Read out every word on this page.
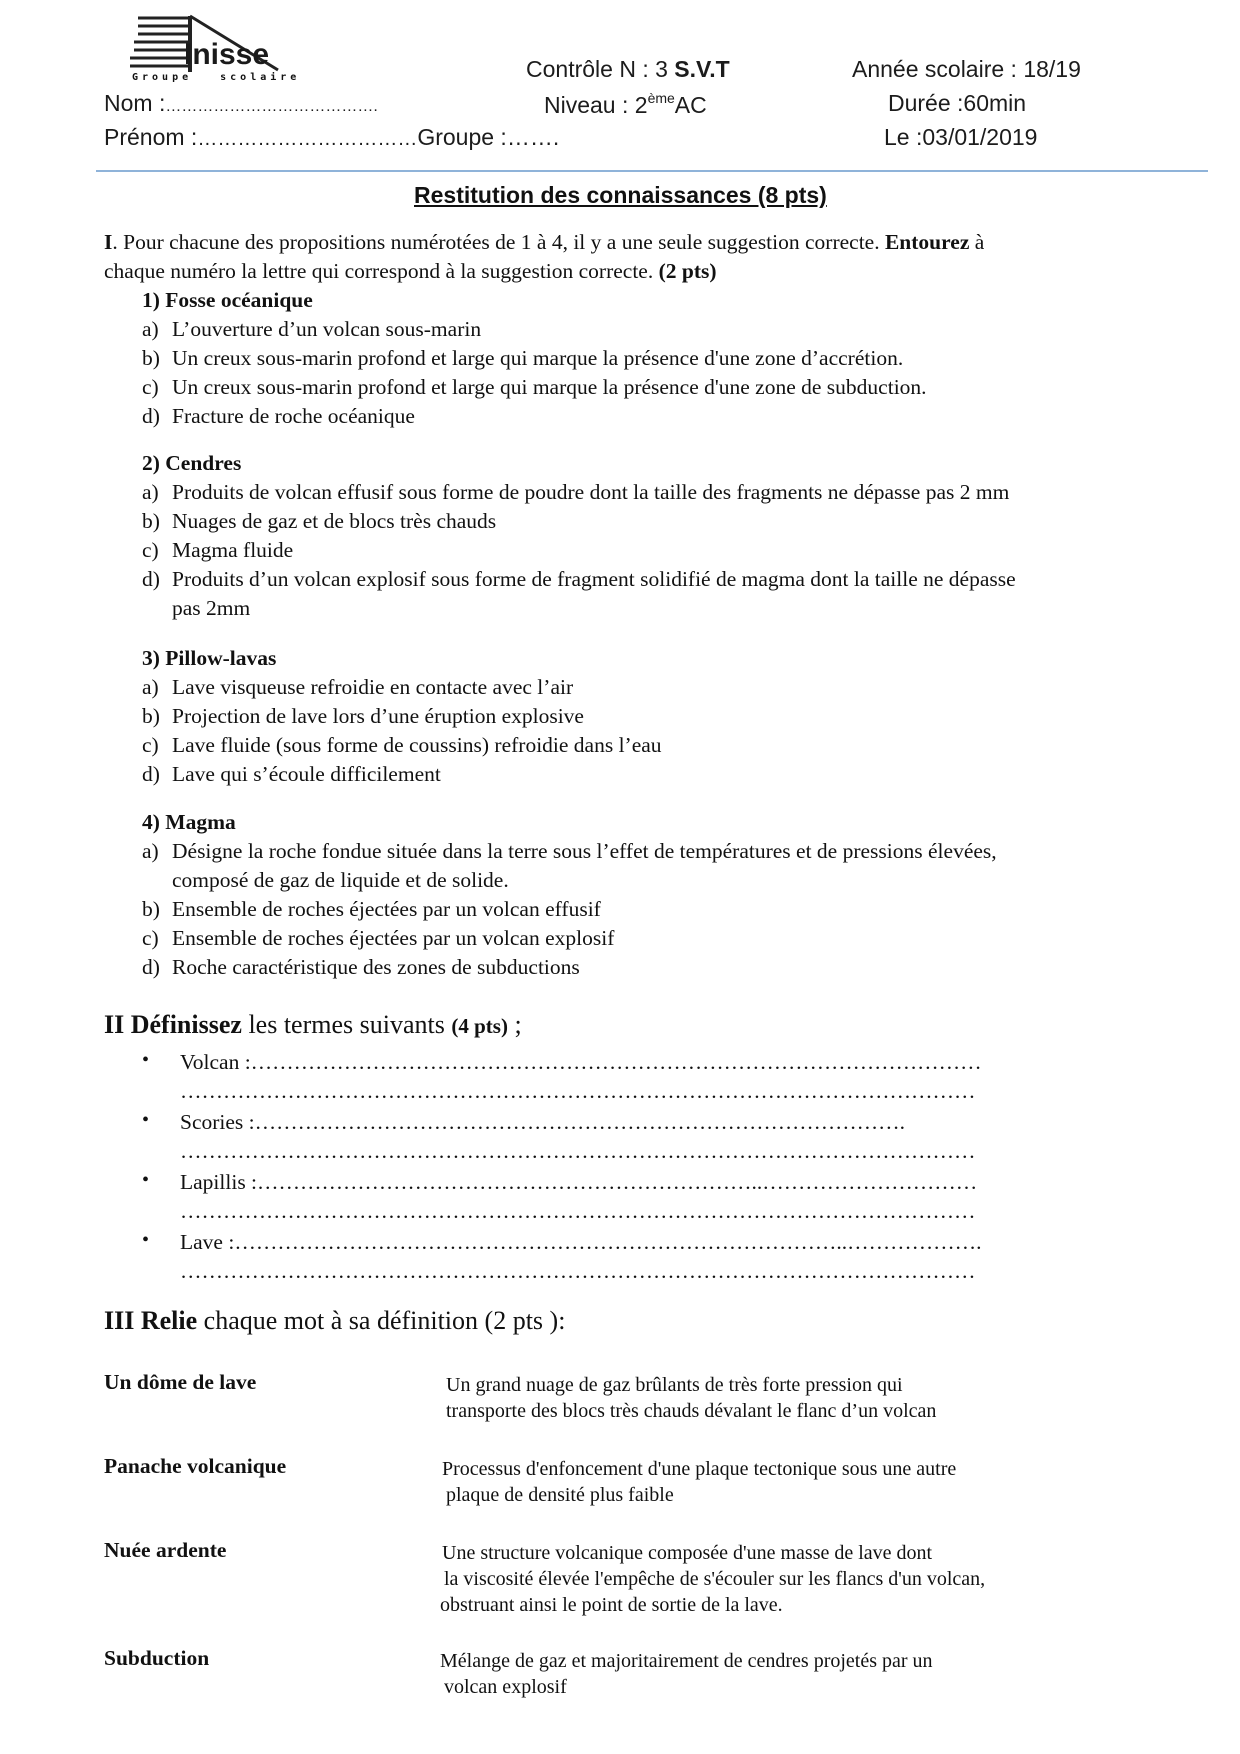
Inisse
Groupe scolaire	Contrôle N : 3 S.V.T	Année scolaire : 18/19
Nom :………………………………….	Niveau : 2èmeAC	Durée :60min
Prénom :……………………………Groupe :…….	Le :03/01/2019
Restitution des connaissances (8 pts)
I. Pour chacune des propositions numérotées de 1 à 4, il y a une seule suggestion correcte. Entourez à
chaque numéro la lettre qui correspond à la suggestion correcte. (2 pts)
1) Fosse océanique
a) L’ouverture d’un volcan sous-marin
b) Un creux sous-marin profond et large qui marque la présence d'une zone d’accrétion.
c) Un creux sous-marin profond et large qui marque la présence d'une zone de subduction.
d) Fracture de roche océanique
2) Cendres
a) Produits de volcan effusif sous forme de poudre dont la taille des fragments ne dépasse pas 2 mm
b) Nuages de gaz et de blocs très chauds
c) Magma fluide
d) Produits d’un volcan explosif sous forme de fragment solidifié de magma dont la taille ne dépasse
pas 2mm
3) Pillow-lavas
a) Lave visqueuse refroidie en contacte avec l’air
b) Projection de lave lors d’une éruption explosive
c) Lave fluide (sous forme de coussins) refroidie dans l’eau
d) Lave qui s’écoule difficilement
4) Magma
a) Désigne la roche fondue située dans la terre sous l’effet de températures et de pressions élevées,
composé de gaz de liquide et de solide.
b) Ensemble de roches éjectées par un volcan effusif
c) Ensemble de roches éjectées par un volcan explosif
d) Roche caractéristique des zones de subductions
II Définissez les termes suivants (4 pts) ;
• Volcan :…………………………………………………………………………………………
…………………………………………………………………………………………………
• Scories :……………………………………………………………………………….
…………………………………………………………………………………………………
• Lapillis :……………………………………………………………..…………………………
…………………………………………………………………………………………………
• Lave :…………………………………………………………………………..……………….
…………………………………………………………………………………………………
III Relie chaque mot à sa définition (2 pts ):
Un dôme de lave	Un grand nuage de gaz brûlants de très forte pression qui
transporte des blocs très chauds dévalant le flanc d’un volcan
Panache volcanique	Processus d'enfoncement d'une plaque tectonique sous une autre
plaque de densité plus faible
Nuée ardente	Une structure volcanique composée d'une masse de lave dont
la viscosité élevée l'empêche de s'écouler sur les flancs d'un volcan,
obstruant ainsi le point de sortie de la lave.
Subduction	Mélange de gaz et majoritairement de cendres projetés par un
volcan explosif
